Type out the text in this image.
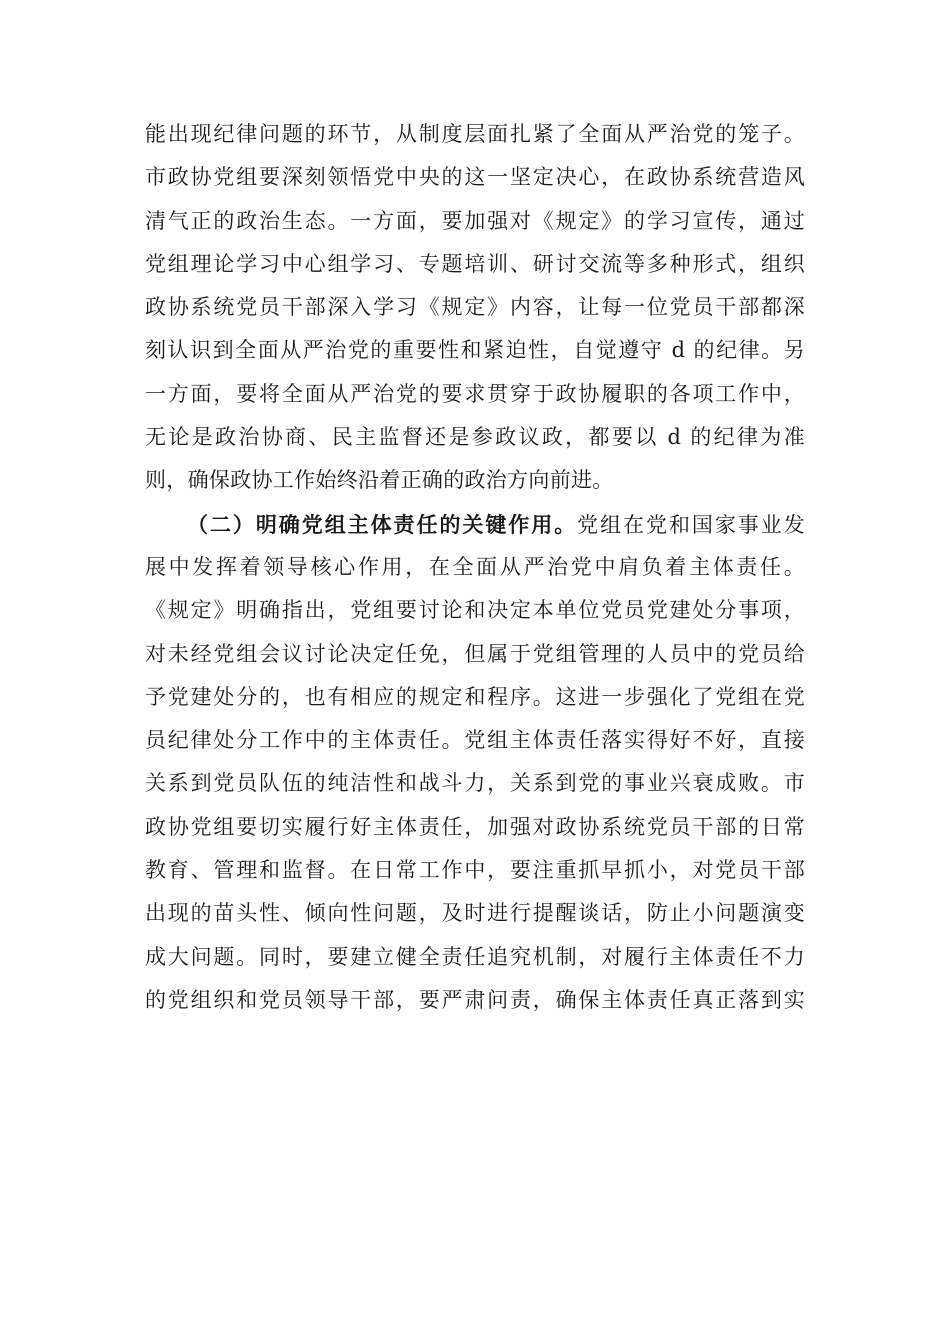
能出现纪律问题的环节，从制度层面扎紧了全面从严治党的笼子。
市政协党组要深刻领悟党中央的这一坚定决心，在政协系统营造风
清气正的政治生态。一方面，要加强对《规定》的学习宣传，通过
党组理论学习中心组学习、专题培训、研讨交流等多种形式，组织
政协系统党员干部深入学习《规定》内容，让每一位党员干部都深
刻认识到全面从严治党的重要性和紧迫性，自觉遵守 d 的纪律。另
一方面，要将全面从严治党的要求贯穿于政协履职的各项工作中，
无论是政治协商、民主监督还是参政议政，都要以 d 的纪律为准
则，确保政协工作始终沿着正确的政治方向前进。
（二）明确党组主体责任的关键作用。党组在党和国家事业发
展中发挥着领导核心作用，在全面从严治党中肩负着主体责任。
《规定》明确指出，党组要讨论和决定本单位党员党建处分事项，
对未经党组会议讨论决定任免，但属于党组管理的人员中的党员给
予党建处分的，也有相应的规定和程序。这进一步强化了党组在党
员纪律处分工作中的主体责任。党组主体责任落实得好不好，直接
关系到党员队伍的纯洁性和战斗力，关系到党的事业兴衰成败。市
政协党组要切实履行好主体责任，加强对政协系统党员干部的日常
教育、管理和监督。在日常工作中，要注重抓早抓小，对党员干部
出现的苗头性、倾向性问题，及时进行提醒谈话，防止小问题演变
成大问题。同时，要建立健全责任追究机制，对履行主体责任不力
的党组织和党员领导干部，要严肃问责，确保主体责任真正落到实
